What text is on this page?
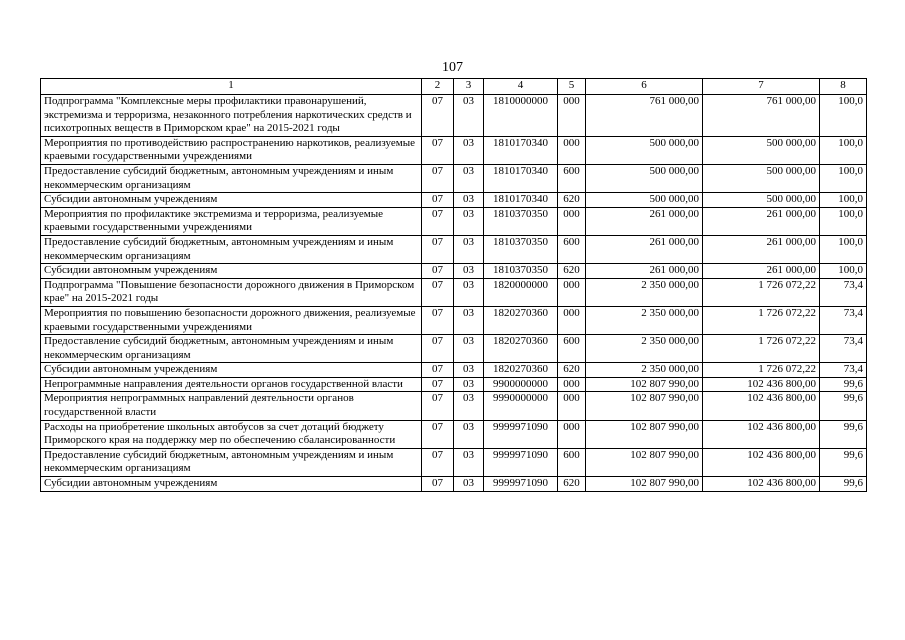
107
1	2	3	4	5	6	7	8
Подпрограмма "Комплексные меры профилактики правонарушений, экстремизма и терроризма, незаконного потребления наркотических средств и психотропных веществ в Приморском крае" на 2015-2021 годы	07	03	1810000000	000	761 000,00	761 000,00	100,0
Мероприятия по противодействию распространению наркотиков, реализуемые краевыми государственными учреждениями	07	03	1810170340	000	500 000,00	500 000,00	100,0
Предоставление субсидий бюджетным, автономным учреждениям и иным некоммерческим организациям	07	03	1810170340	600	500 000,00	500 000,00	100,0
Субсидии автономным учреждениям	07	03	1810170340	620	500 000,00	500 000,00	100,0
Мероприятия по профилактике экстремизма и терроризма, реализуемые краевыми государственными учреждениями	07	03	1810370350	000	261 000,00	261 000,00	100,0
Предоставление субсидий бюджетным, автономным учреждениям и иным некоммерческим организациям	07	03	1810370350	600	261 000,00	261 000,00	100,0
Субсидии автономным учреждениям	07	03	1810370350	620	261 000,00	261 000,00	100,0
Подпрограмма "Повышение безопасности дорожного движения в Приморском крае" на 2015-2021 годы	07	03	1820000000	000	2 350 000,00	1 726 072,22	73,4
Мероприятия по повышению безопасности дорожного движения, реализуемые краевыми государственными учреждениями	07	03	1820270360	000	2 350 000,00	1 726 072,22	73,4
Предоставление субсидий бюджетным, автономным учреждениям и иным некоммерческим организациям	07	03	1820270360	600	2 350 000,00	1 726 072,22	73,4
Субсидии автономным учреждениям	07	03	1820270360	620	2 350 000,00	1 726 072,22	73,4
Непрограммные направления деятельности органов государственной власти	07	03	9900000000	000	102 807 990,00	102 436 800,00	99,6
Мероприятия непрограммных направлений деятельности органов государственной власти	07	03	9990000000	000	102 807 990,00	102 436 800,00	99,6
Расходы на приобретение школьных автобусов за счет дотаций бюджету Приморского края на поддержку мер по обеспечению сбалансированности	07	03	9999971090	000	102 807 990,00	102 436 800,00	99,6
Предоставление субсидий бюджетным, автономным учреждениям и иным некоммерческим организациям	07	03	9999971090	600	102 807 990,00	102 436 800,00	99,6
Субсидии автономным учреждениям	07	03	9999971090	620	102 807 990,00	102 436 800,00	99,6
